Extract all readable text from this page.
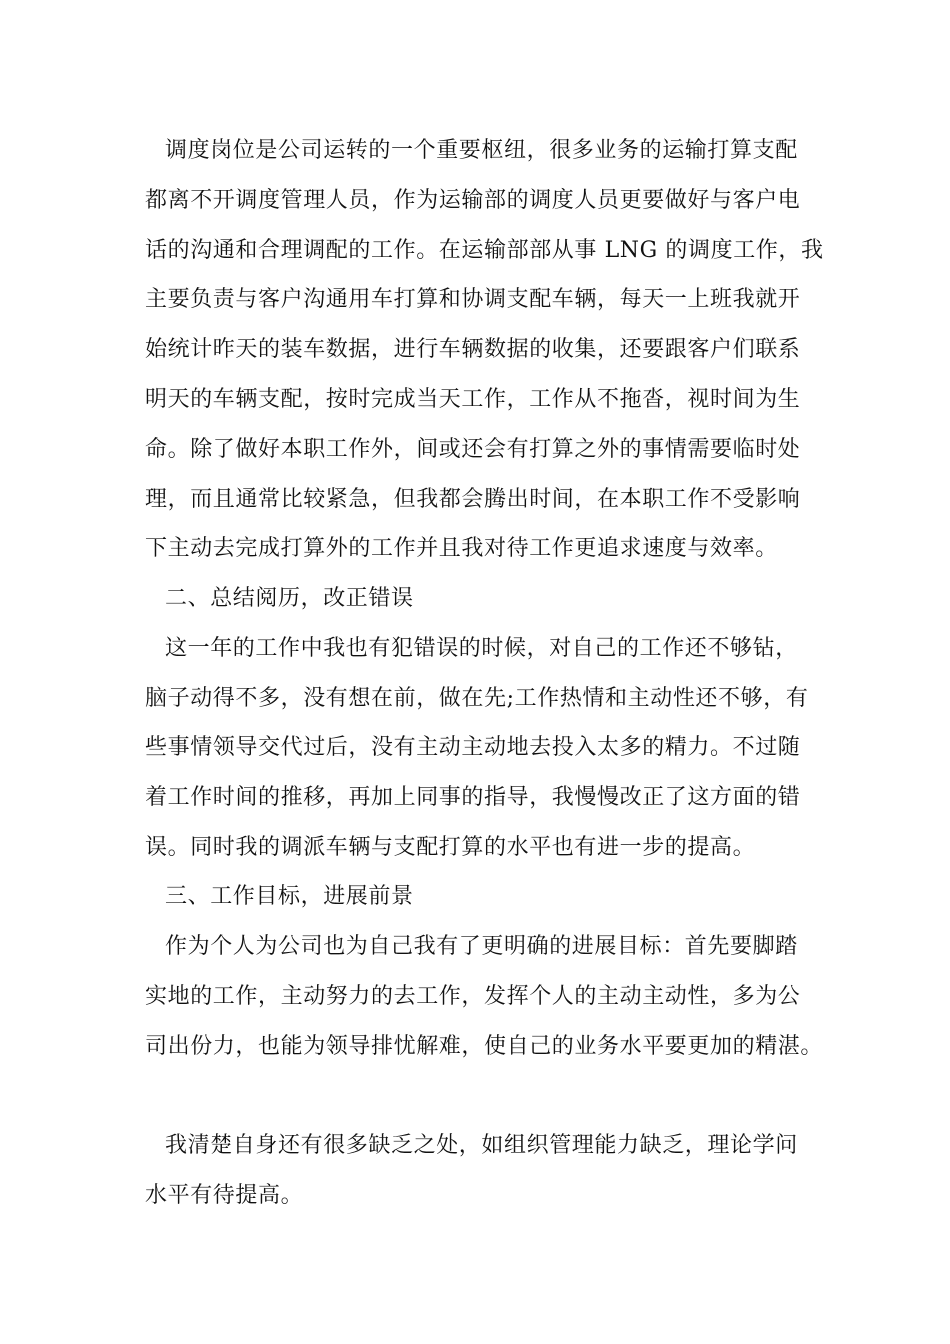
调度岗位是公司运转的一个重要枢纽，很多业务的运输打算支配
都离不开调度管理人员，作为运输部的调度人员更要做好与客户电
话的沟通和合理调配的工作。在运输部部从事 LNG 的调度工作，我
主要负责与客户沟通用车打算和协调支配车辆，每天一上班我就开
始统计昨天的装车数据，进行车辆数据的收集，还要跟客户们联系
明天的车辆支配，按时完成当天工作，工作从不拖沓，视时间为生
命。除了做好本职工作外，间或还会有打算之外的事情需要临时处
理，而且通常比较紧急，但我都会腾出时间，在本职工作不受影响
下主动去完成打算外的工作并且我对待工作更追求速度与效率。
二、总结阅历，改正错误
这一年的工作中我也有犯错误的时候，对自己的工作还不够钻，
脑子动得不多，没有想在前，做在先;工作热情和主动性还不够，有
些事情领导交代过后，没有主动主动地去投入太多的精力。不过随
着工作时间的推移，再加上同事的指导，我慢慢改正了这方面的错
误。同时我的调派车辆与支配打算的水平也有进一步的提高。
三、工作目标，进展前景
作为个人为公司也为自己我有了更明确的进展目标：首先要脚踏
实地的工作，主动努力的去工作，发挥个人的主动主动性，多为公
司出份力，也能为领导排忧解难，使自己的业务水平要更加的精湛。
我清楚自身还有很多缺乏之处，如组织管理能力缺乏，理论学问
水平有待提高。
